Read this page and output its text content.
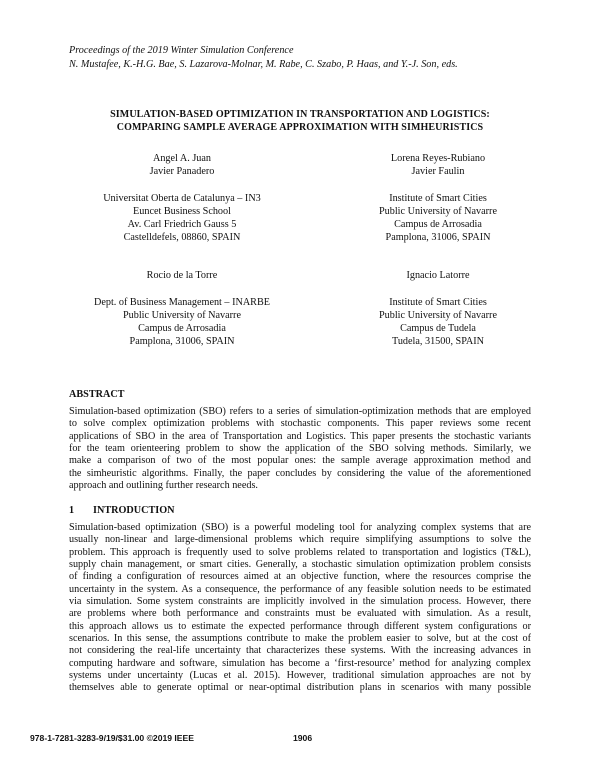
Proceedings of the 2019 Winter Simulation Conference
N. Mustafee, K.-H.G. Bae, S. Lazarova-Molnar, M. Rabe, C. Szabo, P. Haas, and Y.-J. Son, eds.
SIMULATION-BASED OPTIMIZATION IN TRANSPORTATION AND LOGISTICS:
COMPARING SAMPLE AVERAGE APPROXIMATION WITH SIMHEURISTICS
Angel A. Juan
Javier Panadero
Universitat Oberta de Catalunya – IN3
Euncet Business School
Av. Carl Friedrich Gauss 5
Castelldefels, 08860, SPAIN
Lorena Reyes-Rubiano
Javier Faulin
Institute of Smart Cities
Public University of Navarre
Campus de Arrosadia
Pamplona, 31006, SPAIN
Rocio de la Torre
Dept. of Business Management – INARBE
Public University of Navarre
Campus de Arrosadia
Pamplona, 31006, SPAIN
Ignacio Latorre
Institute of Smart Cities
Public University of Navarre
Campus de Tudela
Tudela, 31500, SPAIN
ABSTRACT
Simulation-based optimization (SBO) refers to a series of simulation-optimization methods that are employed
to solve complex optimization problems with stochastic components. This paper reviews some recent
applications of SBO in the area of Transportation and Logistics. This paper presents the stochastic variants
for the team orienteering problem to show the application of the SBO solving methods. Similarly, we
make a comparison of two of the most popular ones: the sample average approximation method and
the simheuristic algorithms. Finally, the paper concludes by considering the value of the aforementioned
approach and outlining further research needs.
1 INTRODUCTION
Simulation-based optimization (SBO) is a powerful modeling tool for analyzing complex systems that are
usually non-linear and large-dimensional problems which require simplifying assumptions to solve the
problem. This approach is frequently used to solve problems related to transportation and logistics (T&L),
supply chain management, or smart cities. Generally, a stochastic simulation optimization problem consists
of finding a configuration of resources aimed at an objective function, where the resources comprise the
uncertainty in the system. As a consequence, the performance of any feasible solution needs to be estimated
via simulation. Some system constraints are implicitly involved in the simulation process. However, there
are problems where both performance and constraints must be evaluated with simulation. As a result,
this approach allows us to estimate the expected performance through different system configurations or
scenarios. In this sense, the assumptions contribute to make the problem easier to solve, but at the cost of
not considering the real-life uncertainty that characterizes these systems. With the increasing advances in
computing hardware and software, simulation has become a ‘first-resource’ method for analyzing complex
systems under uncertainty (Lucas et al. 2015). However, traditional simulation approaches are not by
themselves able to generate optimal or near-optimal distribution plans in scenarios with many possible
978-1-7281-3283-9/19/$31.00 ©2019 IEEE	1906
